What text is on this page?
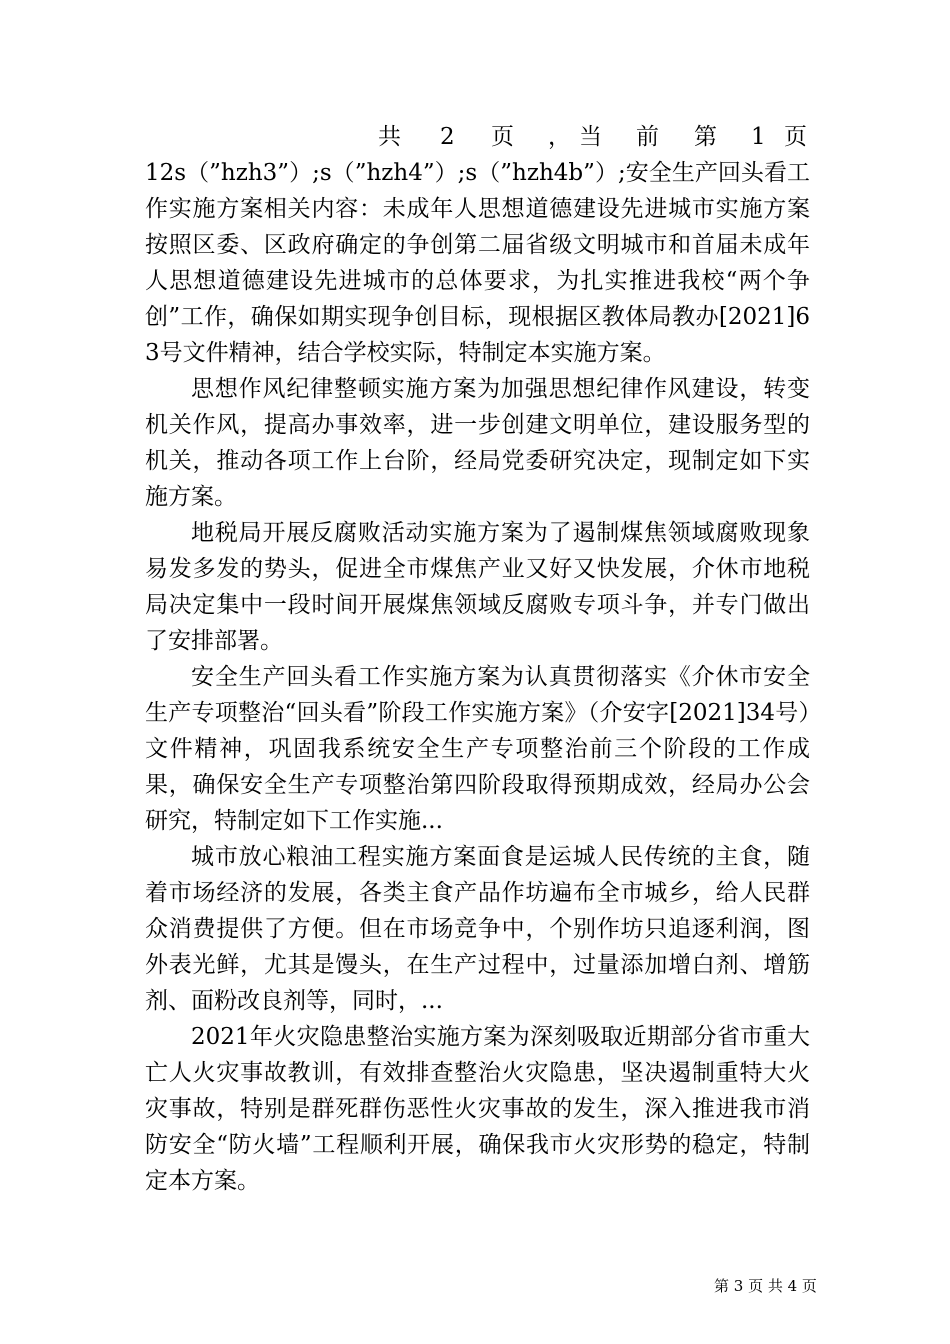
共 2 页 ， 当 前 第 1 页

12s（”hzh3”）;s（”hzh4”）;s（”hzh4b”）;安全生产回头看工作实施方案相关内容：未成年人思想道德建设先进城市实施方案按照区委、区政府确定的争创第二届省级文明城市和首届未成年人思想道德建设先进城市的总体要求，为扎实推进我校“两个争创”工作，确保如期实现争创目标，现根据区教体局教办[2021]63号文件精神，结合学校实际，特制定本实施方案。

思想作风纪律整顿实施方案为加强思想纪律作风建设，转变机关作风，提高办事效率，进一步创建文明单位，建设服务型的机关，推动各项工作上台阶，经局党委研究决定，现制定如下实施方案。

地税局开展反腐败活动实施方案为了遏制煤焦领域腐败现象易发多发的势头，促进全市煤焦产业又好又快发展，介休市地税局决定集中一段时间开展煤焦领域反腐败专项斗争，并专门做出了安排部署。

安全生产回头看工作实施方案为认真贯彻落实《介休市安全生产专项整治“回头看”阶段工作实施方案》（介安字[2021]34号）文件精神，巩固我系统安全生产专项整治前三个阶段的工作成果，确保安全生产专项整治第四阶段取得预期成效，经局办公会研究，特制定如下工作实施...

城市放心粮油工程实施方案面食是运城人民传统的主食，随着市场经济的发展，各类主食产品作坊遍布全市城乡，给人民群众消费提供了方便。但在市场竞争中，个别作坊只追逐利润，图外表光鲜，尤其是馒头，在生产过程中，过量添加增白剂、增筋剂、面粉改良剂等，同时，...

2021年火灾隐患整治实施方案为深刻吸取近期部分省市重大亡人火灾事故教训，有效排查整治火灾隐患，坚决遏制重特大火灾事故，特别是群死群伤恶性火灾事故的发生，深入推进我市消防安全“防火墙”工程顺利开展，确保我市火灾形势的稳定，特制定本方案。

第 3 页 共 4 页
